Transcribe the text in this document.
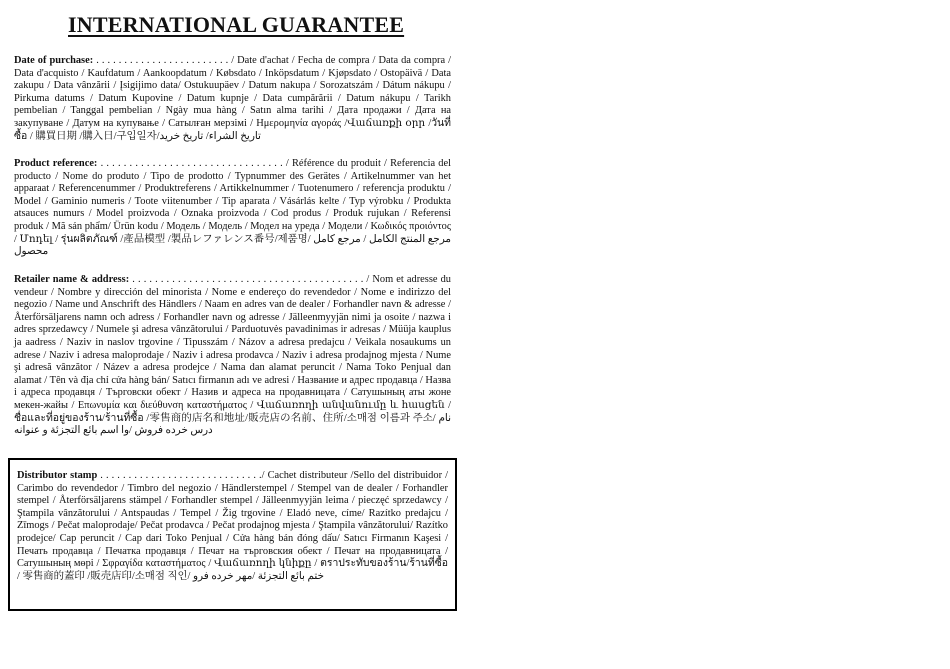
INTERNATIONAL GUARANTEE
Date of purchase: . . . . . . . . . . . . . . . . . . . . . . . . / Date d'achat / Fecha de compra / Data da compra / Data d'acquisto / Kaufdatum / Aankoopdatum / Købsdato / Inköpsdatum / Kjøpsdato / Ostopäivä / Data zakupu / Data vânzării / Įsigijimo data/ Ostukuupäev / Datum nakupa / Sorozatszám / Dátum nákupu / Pirkuma datums / Datum Kupovine / Datum kupnje / Data cumpărării / Datum nákupu / Tarikh pembelian / Tanggal pembelian / Ngày mua hàng / Satın alma tarihi / Дата продажи / Дата на закупуване / Датум на купување / Сатылған мерзімі / Ημερομηνία αγοράς /Վաճառքի օրր /วันที่ซื้อ / 購買日期 /購入日/구입일자/تاريخ الشراء/ تاریخ خرید
Product reference: . . . . . . . . . . . . . . . . . . . . . . . . . . . . . . . . / Référence du produit / Referencia del producto / Nome do produto / Tipo de prodotto / Typnummer des Gerätes / Artikelnummer van het apparaat / Referencenummer / Produktreferens / Artikkelnummer / Tuotenumero / referencja produktu / Model / Gaminio numeris / Toote viitenumber / Tip aparata / Vásárlás kelte / Typ výrobku / Produkta atsauces numurs / Model proizvoda / Oznaka proizvoda / Cod produs / Produk rujukan / Referensi produk / Mã sản phẩm/ Ürün kodu / Модель / Модель / Модел на уреда / Модели / Κωδικός προιόντος / Մոդել / รุ่นผลิตภัณฑ์ /產品模型 /製品レファレンス番号/제품명/ مرجع المنتج الكامل / مرجع كامل محصول
Retailer name & address: . . . . . . . . . . . . . . . . . . . . . . . . . . . . . . . . . . . . . . . . . / Nom et adresse du vendeur / Nombre y dirección del minorista / Nome e endereço do revendedor / Nome e indirizzo del negozio / Name und Anschrift des Händlers / Naam en adres van de dealer / Forhandler navn & adresse / Återförsäljarens namn och adress / Forhandler navn og adresse / Jälleenmyyjän nimi ja osoite / nazwa i adres sprzedawcy / Numele şi adresa vânzătorului / Parduotuvės pavadinimas ir adresas / Müüja kauplus ja aadress / Naziv in naslov trgovine / Tipusszám / Názov a adresa predajcu / Veikala nosaukums un adrese / Naziv i adresa maloprodaje / Naziv i adresa prodavca / Naziv i adresa prodajnog mjesta / Nume şi adresă vânzător / Název a adresa prodejce / Nama dan alamat peruncit / Nama Toko Penjual dan alamat / Tên và địa chỉ cửa hàng bán/ Satıcı firmanın adı ve adresi / Название и адрес продавца / Назва і адреса продавця / Търговски обект / Назив и адреса на продавницата / Сатушының аты жоне мекен-жайы / Επωνυμία και διεύθυνση καταστήματος / Վաճառողի անվանումը և հասցեն / ชื่อและที่อยู่ของร้าน/ร้านที่ซื้อ /零售商的店名和地址/販売店の名前、住所/소매점 이름과 주소/ نام درس خرده فروش /وا اسم بائع التجزئة و عنوانه
Distributor stamp . . . . . . . . . . . . . . . . . . . . . . . . . . . . ./ Cachet distributeur /Sello del distribuidor / Carimbo do revendedor / Timbro del negozio / Händlerstempel / Stempel van de dealer / Forhandler stempel / Återförsäljarens stämpel / Forhandler stempel / Jälleenmyyjän leima / pieczęć sprzedawcy / Ştampila vânzătorului / Antspaudas / Tempel / Žig trgovine / Eladó neve, címe/ Razítko predajcu / Zīmogs / Pečat maloprodaje/ Pečat prodavca / Pečat prodajnog mjesta / Ştampila vânzătorului/ Razítko prodejce/ Cap peruncit / Cap dari Toko Penjual / Cửa hàng bán đóng dấu/ Satıcı Firmanın Kaşesi / Печать продавца / Печатка продавця / Печат на търговския обект / Печат на продавницата / Сатушының мөрі / Σφραγίδα καταστήματος / Վաճառողի կնիքը / ตราประทับของร้าน/ร้านที่ซื้อ / 零售商的蓋印 /販売店印/소매점 직인/ ختم بائع التجزئة /مهر خرده فرو
